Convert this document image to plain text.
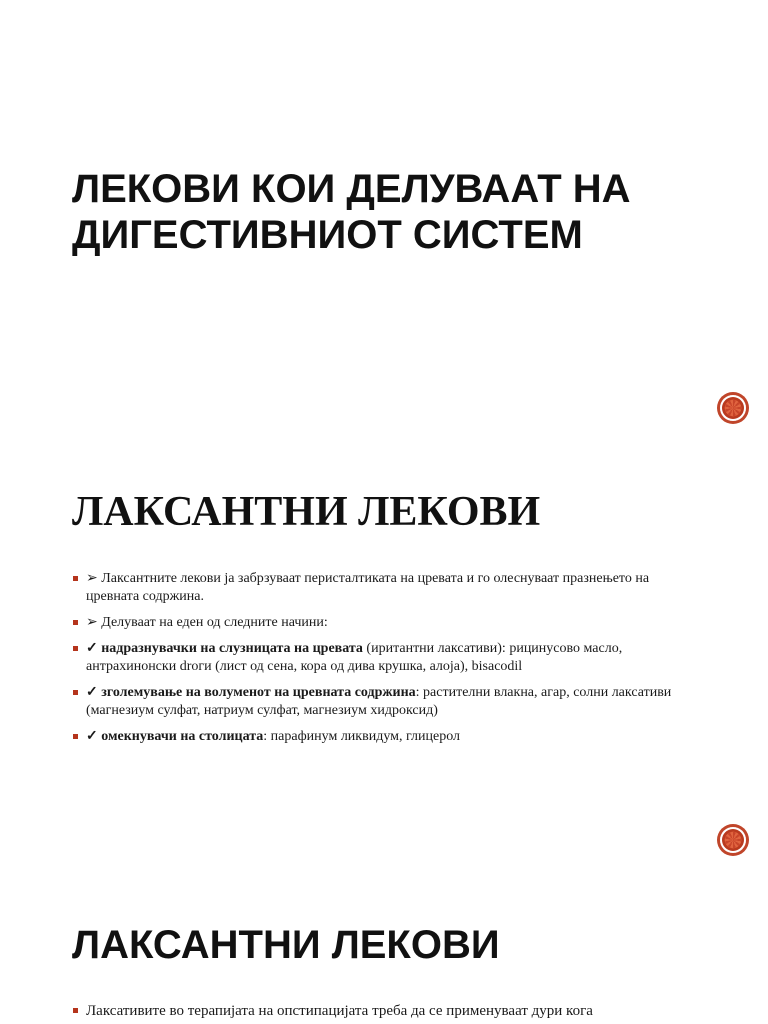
ЛЕКОВИ КОИ ДЕЛУВААТ НА
ДИГЕСТИВНИОТ СИСТЕМ
ЛАКСАНТНИ ЛЕКОВИ
➢ Лаксантните лекови ја забрзуваат перисталтиката на цревата и го олеснуваат празнењето на цревната содржина.
➢ Делуваат на еден од следните начини:
✓ надразнувачки на слузницата на цревата (иритантни лаксативи): рицинусово масло, антрахинонски droги (лист од сена, кора од дива крушка, алоја), bisacodil
✓ зголемување на волуменот на цревната содржина: растителни влакна, агар, солни лаксативи (магнезиум сулфат, натриум сулфат, магнезиум хидроксид)
✓ омекнувачи на столицата: парафинум ликвидум, глицерол
ЛАКСАНТНИ ЛЕКОВИ
Лаксативите во терапијата на опстипацијата треба да се применуваат дури кога
